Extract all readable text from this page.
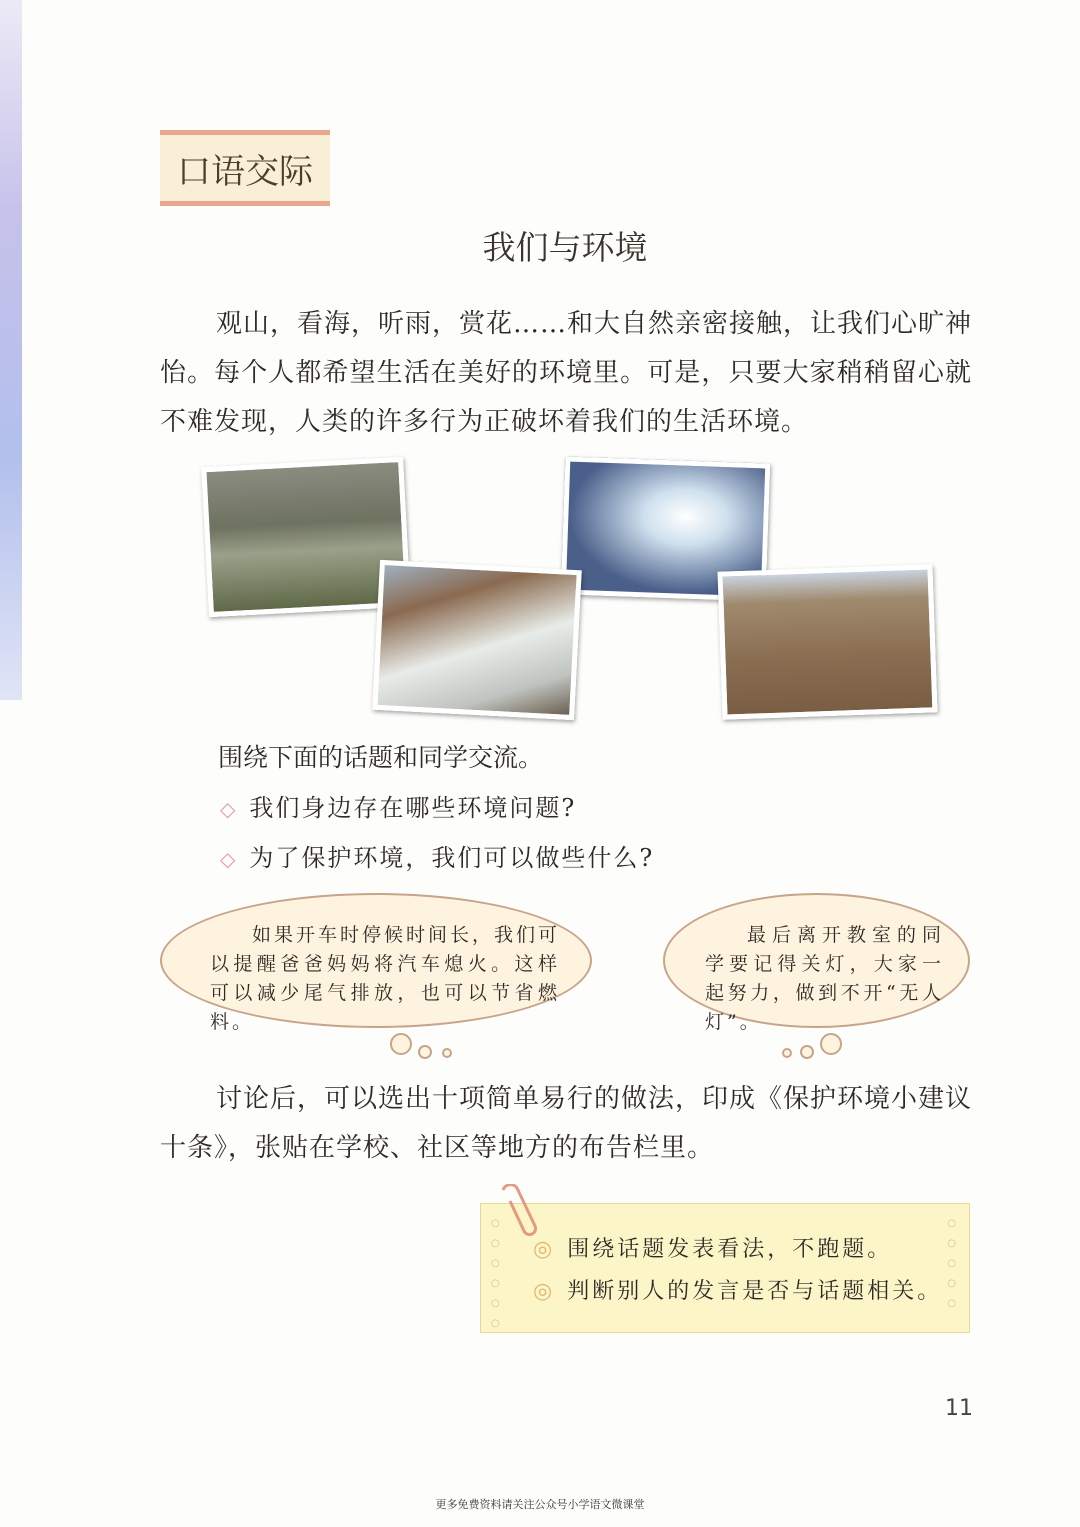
口语交际
我们与环境
观山，看海，听雨，赏花……和大自然亲密接触，让我们心旷神怡。每个人都希望生活在美好的环境里。可是，只要大家稍稍留心就不难发现，人类的许多行为正破坏着我们的生活环境。
围绕下面的话题和同学交流。
◇ 我们身边存在哪些环境问题?
◇ 为了保护环境，我们可以做些什么?
如果开车时停候时间长，我们可以提醒爸爸妈妈将汽车熄火。这样可以减少尾气排放，也可以节省燃料。
最后离开教室的同学要记得关灯，大家一起努力，做到不开“无人灯”。
讨论后，可以选出十项简单易行的做法，印成《保护环境小建议十条》，张贴在学校、社区等地方的布告栏里。
○
○
○
○
○
○
○
○
○
○
○
◎ 围绕话题发表看法，不跑题。
◎ 判断别人的发言是否与话题相关。
11
更多免费资料请关注公众号小学语文微课堂
